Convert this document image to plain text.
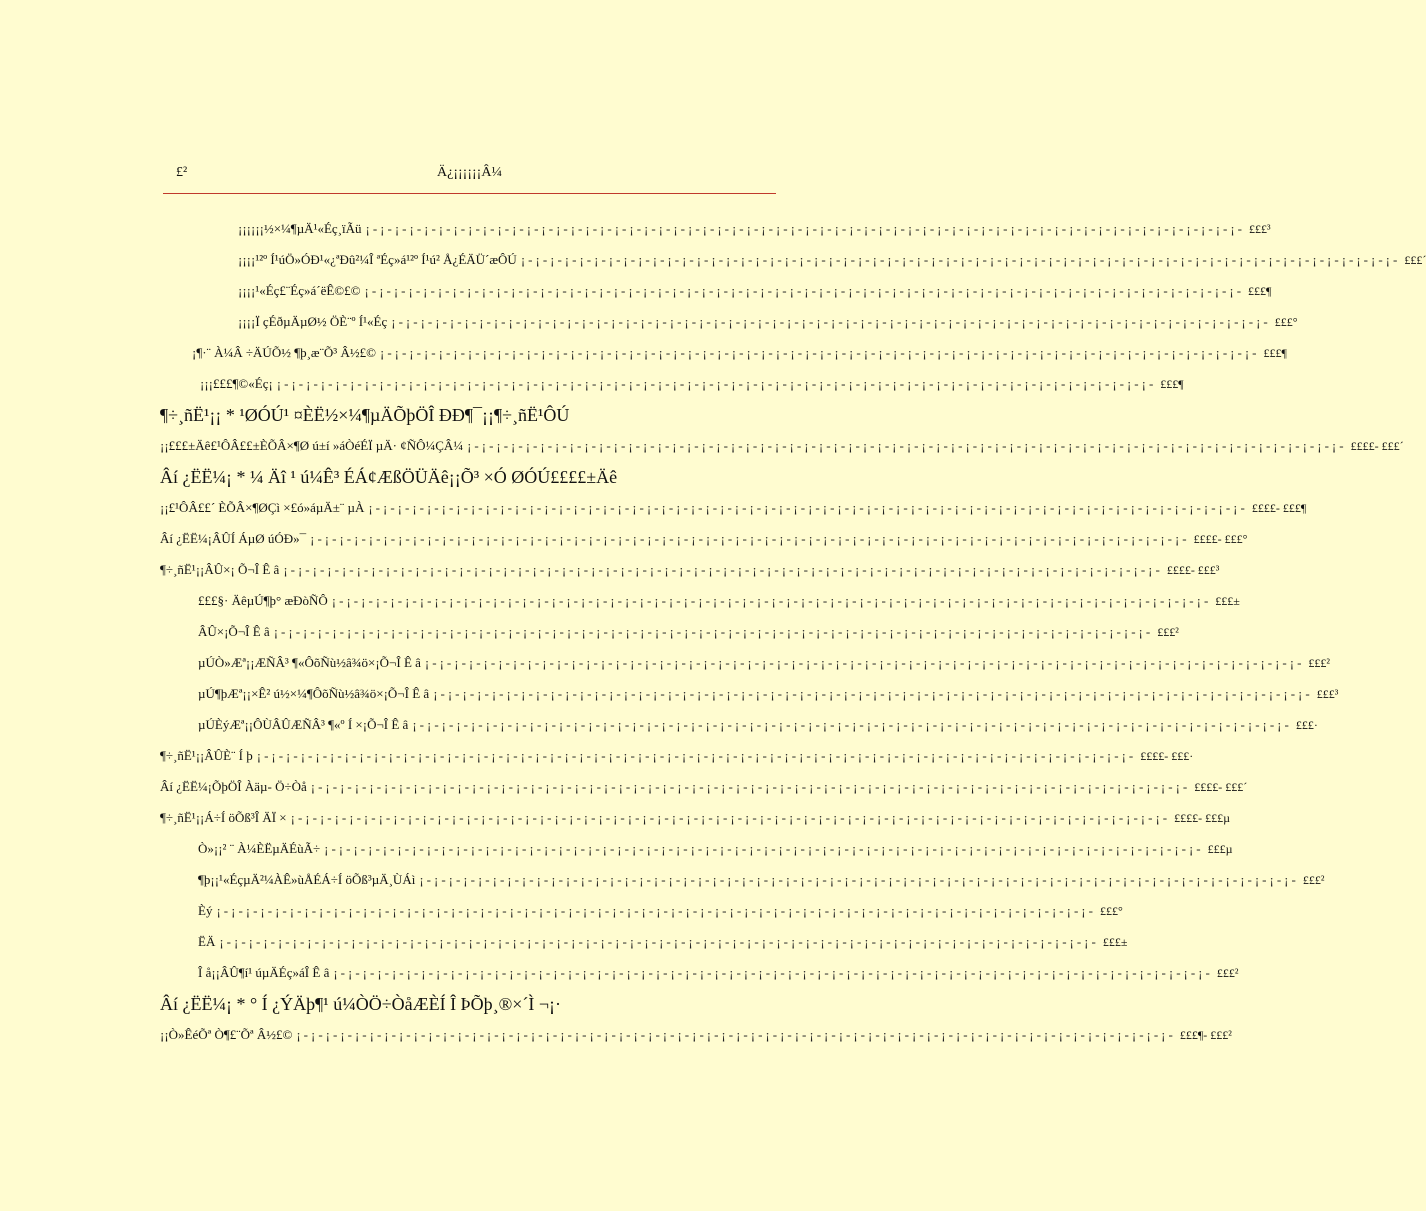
£²	Ä¿¡¡¡¡¡¡Â¼
¡¡¡¡¡¡½×¼¶µÄ¹«Éç¸ïÃü ¡-¡-¡-¡-¡-¡-¡-¡-¡-¡-¡-¡-¡-¡-¡-¡-¡-¡-¡-¡-¡-¡-¡-¡-¡-¡-¡-¡-¡-¡-¡-¡-¡-¡-¡-¡-¡-¡-¡-¡-¡-¡-¡-¡-¡-¡-¡-¡-¡-¡-¡-¡-¡-¡-¡-¡-¡-¡-¡-¡- £££³
¡¡¡¡¹²º Í¹úÖ»ÓÐ¹«¿ªÐû²¼Î ªÉç»á¹²º Í¹ú² Å¿ÉÄÜ´æÔÚ ¡-¡-¡-¡-¡-¡-¡-¡-¡-¡-¡-¡-¡-¡-¡-¡-¡-¡-¡-¡-¡-¡-¡-¡-¡-¡-¡-¡-¡-¡-¡-¡-¡-¡-¡-¡-¡-¡-¡-¡-¡-¡-¡-¡-¡-¡-¡-¡-¡-¡-¡-¡-¡-¡-¡-¡-¡-¡-¡-¡- £££´
¡¡¡¡¹«Éç£¨Éç»á´ëÊ©£© ¡-¡-¡-¡-¡-¡-¡-¡-¡-¡-¡-¡-¡-¡-¡-¡-¡-¡-¡-¡-¡-¡-¡-¡-¡-¡-¡-¡-¡-¡-¡-¡-¡-¡-¡-¡-¡-¡-¡-¡-¡-¡-¡-¡-¡-¡-¡-¡-¡-¡-¡-¡-¡-¡-¡-¡-¡-¡-¡-¡- £££¶
¡¡¡¡Ï çÉðµÄµØ½ ÖÈ¨º Í¹«Éç ¡-¡-¡-¡-¡-¡-¡-¡-¡-¡-¡-¡-¡-¡-¡-¡-¡-¡-¡-¡-¡-¡-¡-¡-¡-¡-¡-¡-¡-¡-¡-¡-¡-¡-¡-¡-¡-¡-¡-¡-¡-¡-¡-¡-¡-¡-¡-¡-¡-¡-¡-¡-¡-¡-¡-¡-¡-¡-¡-¡- £££°
¡¶·¨ À¼Â ÷ÄÚÕ½ ¶þ¸æ¨Õ³ Â½£© ¡-¡-¡-¡-¡-¡-¡-¡-¡-¡-¡-¡-¡-¡-¡-¡-¡-¡-¡-¡-¡-¡-¡-¡-¡-¡-¡-¡-¡-¡-¡-¡-¡-¡-¡-¡-¡-¡-¡-¡-¡-¡-¡-¡-¡-¡-¡-¡-¡-¡-¡-¡-¡-¡-¡-¡-¡-¡-¡-¡- £££¶
¡¡¡£££¶©«Éç¡ ¡-¡-¡-¡-¡-¡-¡-¡-¡-¡-¡-¡-¡-¡-¡-¡-¡-¡-¡-¡-¡-¡-¡-¡-¡-¡-¡-¡-¡-¡-¡-¡-¡-¡-¡-¡-¡-¡-¡-¡-¡-¡-¡-¡-¡-¡-¡-¡-¡-¡-¡-¡-¡-¡-¡-¡-¡-¡-¡-¡- £££¶
¶÷¸ñË¹¡¡ * ¹ØÓÚ¹ ¤ÈË½×¼¶µÄÕþÖÎ ÐÐ¶¯¡¡¶÷¸ñË¹ÔÚ
¡¡£££±Äê£¹ÔÂ££±ÈÕÂ×¶Ø ú±í »áÒéÉÏ µÄ· ¢ÑÔ¼ÇÂ¼ ¡-¡-¡-¡-¡-¡-¡-¡-¡-¡-¡-¡-¡-¡-¡-¡-¡-¡-¡-¡-¡-¡-¡-¡-¡-¡-¡-¡-¡-¡-¡-¡-¡-¡-¡-¡-¡-¡-¡-¡-¡-¡-¡-¡-¡-¡-¡-¡-¡-¡-¡-¡-¡-¡-¡-¡-¡-¡-¡-¡- ££££- £££´
Âí ¿ËË¼¡ * ¼ Äî ¹ ú¼Ê³ ÉÁ¢ÆßÖÜÄê¡¡Õ³ ×Ó ØÓÚ££££±Äê
¡¡£¹ÔÂ££´ ÈÕÂ×¶ØÇì ×£ó»áµÄ±¨ µÀ ¡-¡-¡-¡-¡-¡-¡-¡-¡-¡-¡-¡-¡-¡-¡-¡-¡-¡-¡-¡-¡-¡-¡-¡-¡-¡-¡-¡-¡-¡-¡-¡-¡-¡-¡-¡-¡-¡-¡-¡-¡-¡-¡-¡-¡-¡-¡-¡-¡-¡-¡-¡-¡-¡-¡-¡-¡-¡-¡-¡- ££££- £££¶
Âí ¿ËË¼¡ÂÛÍ ÁµØ úÓÐ»¯ ¡-¡-¡-¡-¡-¡-¡-¡-¡-¡-¡-¡-¡-¡-¡-¡-¡-¡-¡-¡-¡-¡-¡-¡-¡-¡-¡-¡-¡-¡-¡-¡-¡-¡-¡-¡-¡-¡-¡-¡-¡-¡-¡-¡-¡-¡-¡-¡-¡-¡-¡-¡-¡-¡-¡-¡-¡-¡-¡-¡- ££££- £££°
¶÷¸ñË¹¡¡ÂÛ×¡ Õ¬Î Ê â ¡-¡-¡-¡-¡-¡-¡-¡-¡-¡-¡-¡-¡-¡-¡-¡-¡-¡-¡-¡-¡-¡-¡-¡-¡-¡-¡-¡-¡-¡-¡-¡-¡-¡-¡-¡-¡-¡-¡-¡-¡-¡-¡-¡-¡-¡-¡-¡-¡-¡-¡-¡-¡-¡-¡-¡-¡-¡-¡-¡- ££££- £££³
£££§· ÄêµÚ¶þ° æÐòÑÔ ¡-¡-¡-¡-¡-¡-¡-¡-¡-¡-¡-¡-¡-¡-¡-¡-¡-¡-¡-¡-¡-¡-¡-¡-¡-¡-¡-¡-¡-¡-¡-¡-¡-¡-¡-¡-¡-¡-¡-¡-¡-¡-¡-¡-¡-¡-¡-¡-¡-¡-¡-¡-¡-¡-¡-¡-¡-¡-¡-¡- £££±
ÂÛ×¡Õ¬Î Ê â ¡-¡-¡-¡-¡-¡-¡-¡-¡-¡-¡-¡-¡-¡-¡-¡-¡-¡-¡-¡-¡-¡-¡-¡-¡-¡-¡-¡-¡-¡-¡-¡-¡-¡-¡-¡-¡-¡-¡-¡-¡-¡-¡-¡-¡-¡-¡-¡-¡-¡-¡-¡-¡-¡-¡-¡-¡-¡-¡-¡- £££²
µÚÒ»Æª¡¡ÆÑÂ³ ¶«ÔõÑù½â¾ö×¡Õ¬Î Ê â ¡-¡-¡-¡-¡-¡-¡-¡-¡-¡-¡-¡-¡-¡-¡-¡-¡-¡-¡-¡-¡-¡-¡-¡-¡-¡-¡-¡-¡-¡-¡-¡-¡-¡-¡-¡-¡-¡-¡-¡-¡-¡-¡-¡-¡-¡-¡-¡-¡-¡-¡-¡-¡-¡-¡-¡-¡-¡-¡-¡- £££²
µÚ¶þÆª¡¡×Ê² ú½×¼¶ÔõÑù½â¾ö×¡Õ¬Î Ê â ¡-¡-¡-¡-¡-¡-¡-¡-¡-¡-¡-¡-¡-¡-¡-¡-¡-¡-¡-¡-¡-¡-¡-¡-¡-¡-¡-¡-¡-¡-¡-¡-¡-¡-¡-¡-¡-¡-¡-¡-¡-¡-¡-¡-¡-¡-¡-¡-¡-¡-¡-¡-¡-¡-¡-¡-¡-¡-¡-¡- £££³
µÚÈýÆª¡¡ÔÙÂÛÆÑÂ³ ¶«º Í ×¡Õ¬Î Ê â ¡-¡-¡-¡-¡-¡-¡-¡-¡-¡-¡-¡-¡-¡-¡-¡-¡-¡-¡-¡-¡-¡-¡-¡-¡-¡-¡-¡-¡-¡-¡-¡-¡-¡-¡-¡-¡-¡-¡-¡-¡-¡-¡-¡-¡-¡-¡-¡-¡-¡-¡-¡-¡-¡-¡-¡-¡-¡-¡-¡- £££·
¶÷¸ñË¹¡¡ÂÛÈ¨ Í þ ¡-¡-¡-¡-¡-¡-¡-¡-¡-¡-¡-¡-¡-¡-¡-¡-¡-¡-¡-¡-¡-¡-¡-¡-¡-¡-¡-¡-¡-¡-¡-¡-¡-¡-¡-¡-¡-¡-¡-¡-¡-¡-¡-¡-¡-¡-¡-¡-¡-¡-¡-¡-¡-¡-¡-¡-¡-¡-¡-¡- ££££- £££·
Âí ¿ËË¼¡ÕþÖÎ Àäµ- Ö÷Òå ¡-¡-¡-¡-¡-¡-¡-¡-¡-¡-¡-¡-¡-¡-¡-¡-¡-¡-¡-¡-¡-¡-¡-¡-¡-¡-¡-¡-¡-¡-¡-¡-¡-¡-¡-¡-¡-¡-¡-¡-¡-¡-¡-¡-¡-¡-¡-¡-¡-¡-¡-¡-¡-¡-¡-¡-¡-¡-¡-¡- ££££- £££´
¶÷¸ñË¹¡¡Á÷Í öÕß³Î ÄÏ × ¡-¡-¡-¡-¡-¡-¡-¡-¡-¡-¡-¡-¡-¡-¡-¡-¡-¡-¡-¡-¡-¡-¡-¡-¡-¡-¡-¡-¡-¡-¡-¡-¡-¡-¡-¡-¡-¡-¡-¡-¡-¡-¡-¡-¡-¡-¡-¡-¡-¡-¡-¡-¡-¡-¡-¡-¡-¡-¡-¡- ££££- £££µ
Ò»¡¡² ¨ À¼ÈËµÄÉùÃ÷ ¡-¡-¡-¡-¡-¡-¡-¡-¡-¡-¡-¡-¡-¡-¡-¡-¡-¡-¡-¡-¡-¡-¡-¡-¡-¡-¡-¡-¡-¡-¡-¡-¡-¡-¡-¡-¡-¡-¡-¡-¡-¡-¡-¡-¡-¡-¡-¡-¡-¡-¡-¡-¡-¡-¡-¡-¡-¡-¡-¡- £££µ
¶þ¡¡¹«ÉçµÄ²¼ÀÊ»ùÅÉÁ÷Í öÕß³µÄ¸ÙÁì ¡-¡-¡-¡-¡-¡-¡-¡-¡-¡-¡-¡-¡-¡-¡-¡-¡-¡-¡-¡-¡-¡-¡-¡-¡-¡-¡-¡-¡-¡-¡-¡-¡-¡-¡-¡-¡-¡-¡-¡-¡-¡-¡-¡-¡-¡-¡-¡-¡-¡-¡-¡-¡-¡-¡-¡-¡-¡-¡-¡- £££²
Èý ¡-¡-¡-¡-¡-¡-¡-¡-¡-¡-¡-¡-¡-¡-¡-¡-¡-¡-¡-¡-¡-¡-¡-¡-¡-¡-¡-¡-¡-¡-¡-¡-¡-¡-¡-¡-¡-¡-¡-¡-¡-¡-¡-¡-¡-¡-¡-¡-¡-¡-¡-¡-¡-¡-¡-¡-¡-¡-¡-¡- £££°
ËÄ ¡-¡-¡-¡-¡-¡-¡-¡-¡-¡-¡-¡-¡-¡-¡-¡-¡-¡-¡-¡-¡-¡-¡-¡-¡-¡-¡-¡-¡-¡-¡-¡-¡-¡-¡-¡-¡-¡-¡-¡-¡-¡-¡-¡-¡-¡-¡-¡-¡-¡-¡-¡-¡-¡-¡-¡-¡-¡-¡-¡- £££±
Î å¡¡ÂÛ¶í¹ úµÄÉç»áÎ Ê â ¡-¡-¡-¡-¡-¡-¡-¡-¡-¡-¡-¡-¡-¡-¡-¡-¡-¡-¡-¡-¡-¡-¡-¡-¡-¡-¡-¡-¡-¡-¡-¡-¡-¡-¡-¡-¡-¡-¡-¡-¡-¡-¡-¡-¡-¡-¡-¡-¡-¡-¡-¡-¡-¡-¡-¡-¡-¡-¡-¡- £££²
Âí ¿ËË¼¡ * ° Í ¿ÝÄþ¶¹ ú¼ÒÖ÷ÒåÆÈÍ Î ÞÕþ¸®×´Ì ¬¡·
¡¡Ò»ÊéÕª Ò¶£¨Õª Â½£© ¡-¡-¡-¡-¡-¡-¡-¡-¡-¡-¡-¡-¡-¡-¡-¡-¡-¡-¡-¡-¡-¡-¡-¡-¡-¡-¡-¡-¡-¡-¡-¡-¡-¡-¡-¡-¡-¡-¡-¡-¡-¡-¡-¡-¡-¡-¡-¡-¡-¡-¡-¡-¡-¡-¡-¡-¡-¡-¡-¡- £££¶- £££²
